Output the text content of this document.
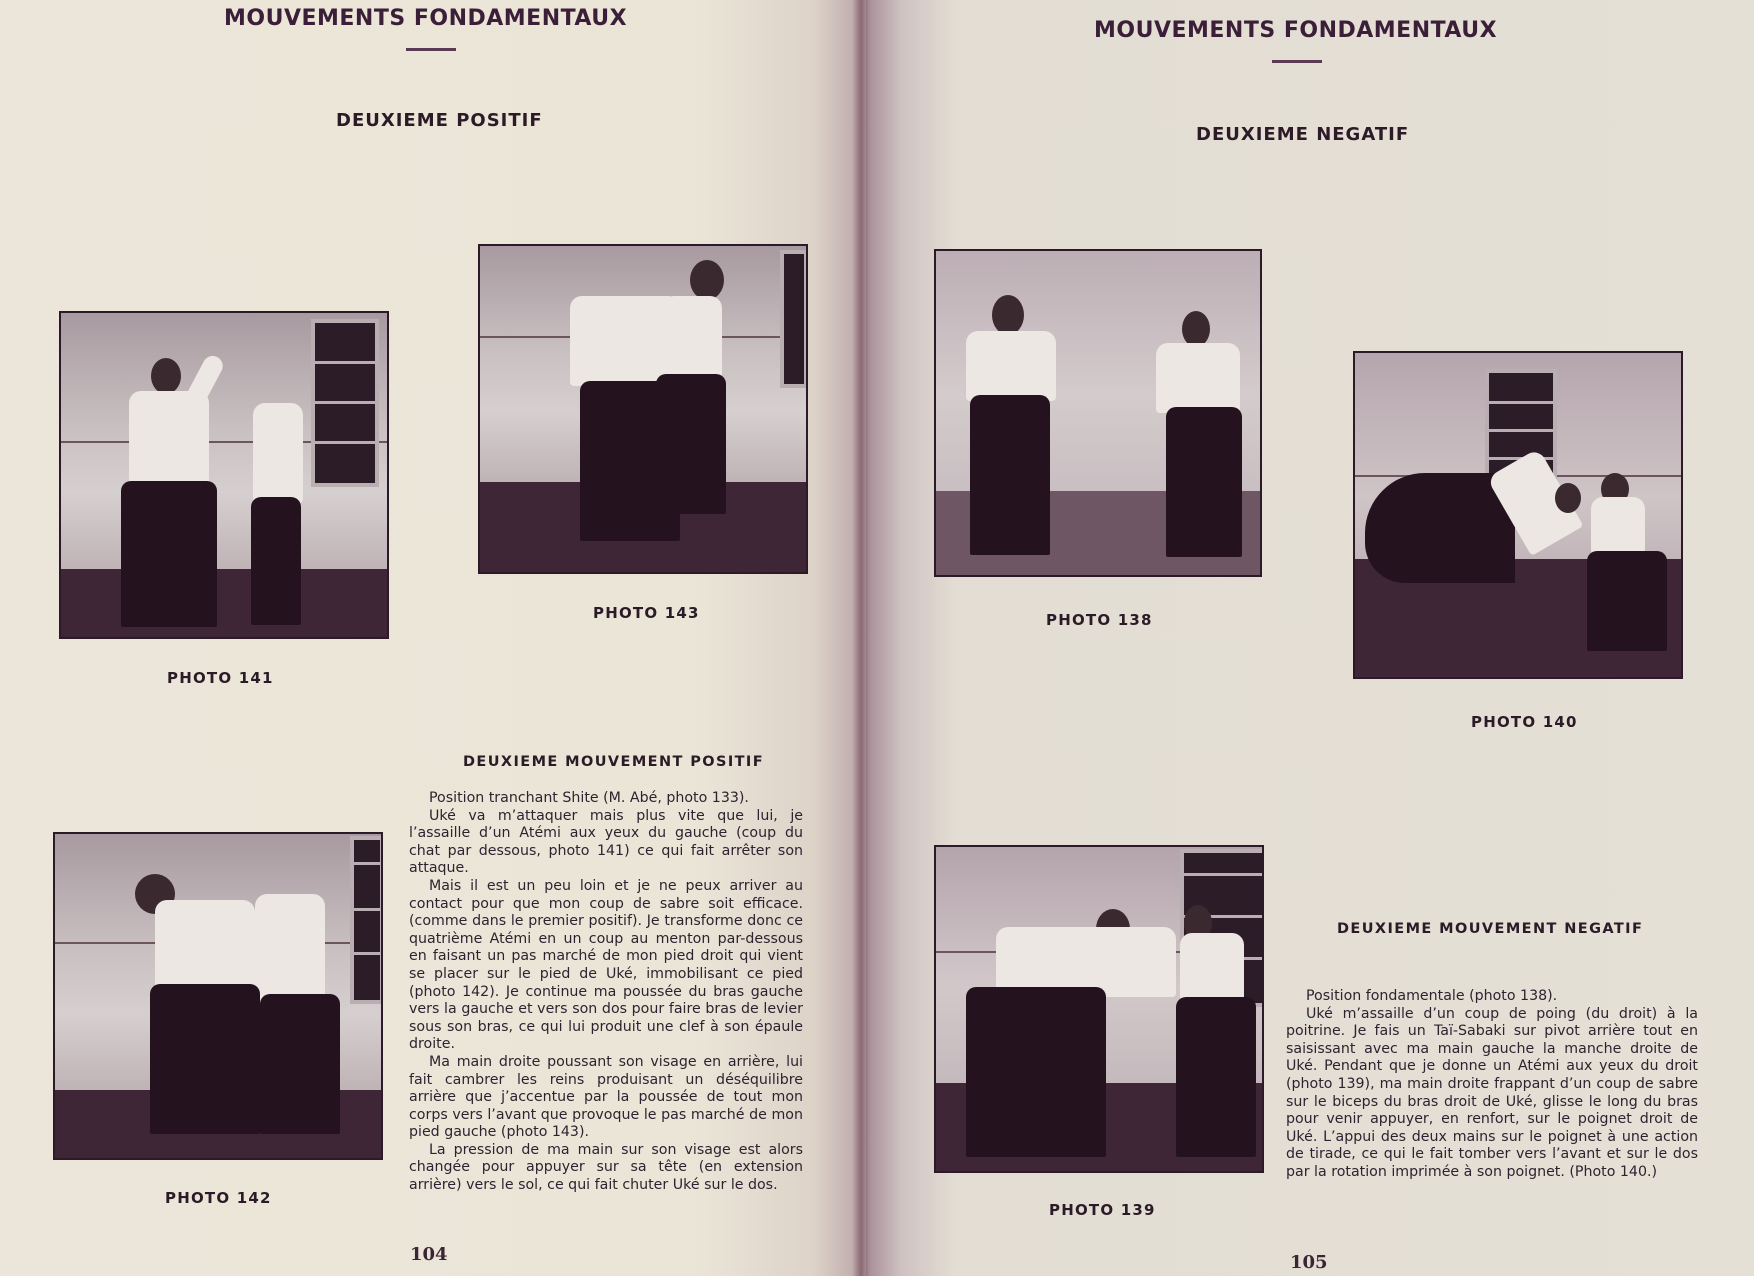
MOUVEMENTS FONDAMENTAUX
DEUXIEME POSITIF
PHOTO 141
PHOTO 143
PHOTO 142
DEUXIEME MOUVEMENT POSITIF

Position tranchant Shite (M. Abé, photo 133).

Uké va m’attaquer mais plus vite que lui, je l’assaille d’un Atémi aux yeux du gauche (coup du chat par dessous, photo 141) ce qui fait arrêter son attaque.

Mais il est un peu loin et je ne peux arriver au contact pour que mon coup de sabre soit efficace. (comme dans le premier positif). Je transforme donc ce quatrième Atémi en un coup au menton par-dessous en faisant un pas marché de mon pied droit qui vient se placer sur le pied de Uké, immobilisant ce pied (photo 142). Je continue ma poussée du bras gauche vers la gauche et vers son dos pour faire bras de levier sous son bras, ce qui lui produit une clef à son épaule droite.

Ma main droite poussant son visage en arrière, lui fait cambrer les reins produisant un déséquilibre arrière que j’accentue par la poussée de tout mon corps vers l’avant que provoque le pas marché de mon pied gauche (photo 143).

La pression de ma main sur son visage est alors changée pour appuyer sur sa tête (en extension arrière) vers le sol, ce qui fait chuter Uké sur le dos.

104
MOUVEMENTS FONDAMENTAUX
DEUXIEME NEGATIF
PHOTO 138
PHOTO 140
PHOTO 139
DEUXIEME MOUVEMENT NEGATIF

Position fondamentale (photo 138).

Uké m’assaille d’un coup de poing (du droit) à la poitrine. Je fais un Taï-Sabaki sur pivot arrière tout en saisissant avec ma main gauche la manche droite de Uké. Pendant que je donne un Atémi aux yeux du droit (photo 139), ma main droite frappant d’un coup de sabre sur le biceps du bras droit de Uké, glisse le long du bras pour venir appuyer, en renfort, sur le poignet droit de Uké. L’appui des deux mains sur le poignet à une action de tirade, ce qui le fait tomber vers l’avant et sur le dos par la rotation imprimée à son poignet. (Photo 140.)

105
